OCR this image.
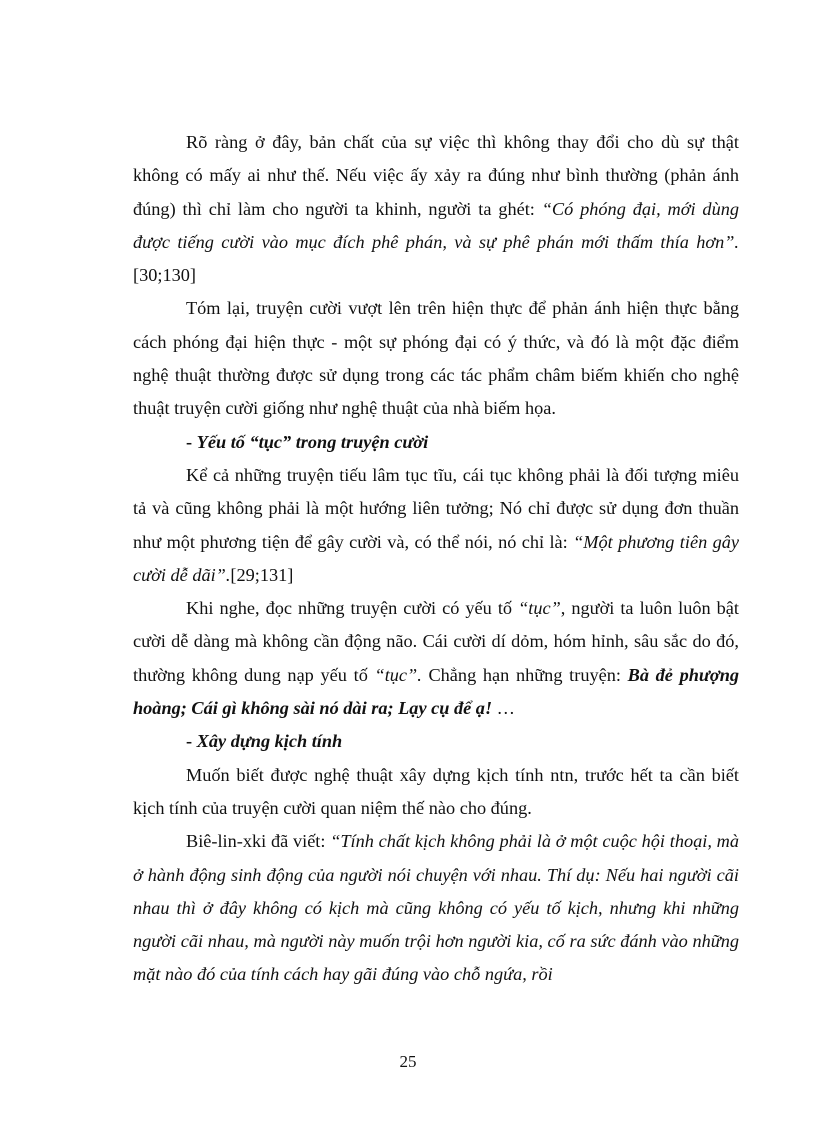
Rõ ràng ở đây, bản chất của sự việc thì không thay đổi cho dù sự thật không có mấy ai như thế. Nếu việc ấy xảy ra đúng như bình thường (phản ánh đúng) thì chỉ làm cho người ta khinh, người ta ghét: “Có phóng đại, mới dùng được tiếng cười vào mục đích phê phán, và sự phê phán mới thấm thía hơn”.[30;130]

Tóm lại, truyện cười vượt lên trên hiện thực để phản ánh hiện thực bằng cách phóng đại hiện thực - một sự phóng đại có ý thức, và đó là một đặc điểm nghệ thuật thường được sử dụng trong các tác phẩm châm biếm khiến cho nghệ thuật truyện cười giống như nghệ thuật của nhà biếm họa.

- Yếu tố “tục” trong truyện cười

Kể cả những truyện tiếu lâm tục tĩu, cái tục không phải là đối tượng miêu tả và cũng không phải là một hướng liên tưởng; Nó chỉ được sử dụng đơn thuần như một phương tiện để gây cười và, có thể nói, nó chỉ là: “Một phương tiên gây cười dễ dãi”.[29;131]

Khi nghe, đọc những truyện cười có yếu tố “tục”, người ta luôn luôn bật cười dễ dàng mà không cần động não. Cái cười dí dỏm, hóm hỉnh, sâu sắc do đó, thường không dung nạp yếu tố “tục”. Chẳng hạn những truyện: Bà đẻ phượng hoàng; Cái gì không sài nó dài ra; Lạy cụ để ạ! …

- Xây dựng kịch tính

Muốn biết được nghệ thuật xây dựng kịch tính ntn, trước hết ta cần biết kịch tính của truyện cười quan niệm thế nào cho đúng.

Biê-lin-xki đã viết: “Tính chất kịch không phải là ở một cuộc hội thoại, mà ở hành động sinh động của người nói chuyện với nhau. Thí dụ: Nếu hai người cãi nhau thì ở đây không có kịch mà cũng không có yếu tố kịch, nhưng khi những người cãi nhau, mà người này muốn trội hơn người kia, cố ra sức đánh vào những mặt nào đó của tính cách hay gãi đúng vào chỗ ngứa, rồi

25
